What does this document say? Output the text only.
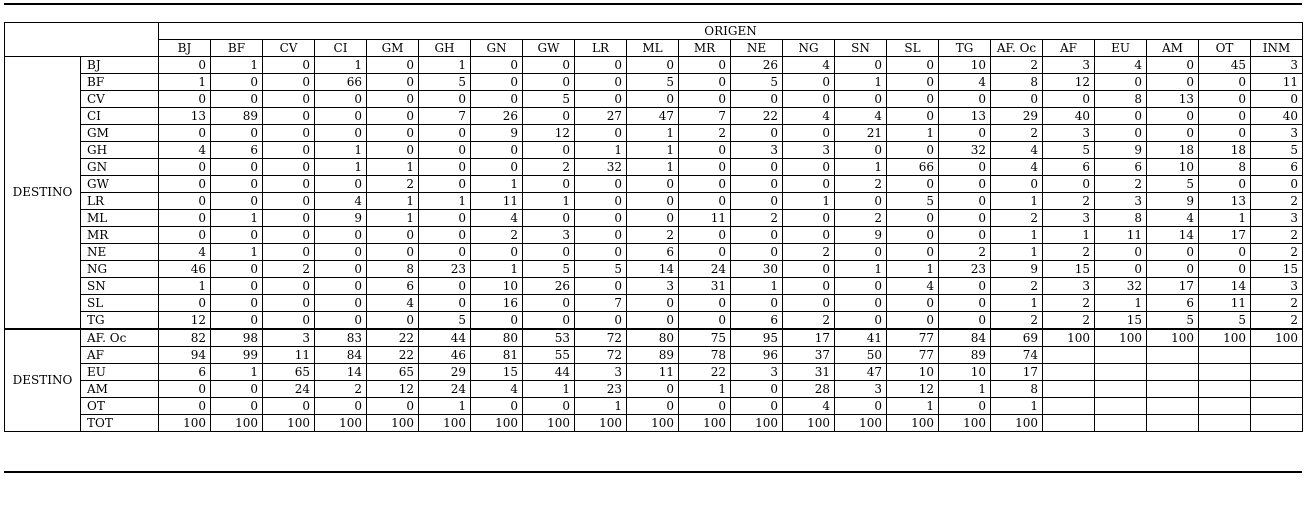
		ORIGEN																					
		BJ	BF	CV	CI	GM	GH	GN	GW	LR	ML	MR	NE	NG	SN	SL	TG	AF. Oc	AF	EU	AM	OT	INM
DESTINO	BJ	0	1	0	1	0	1	0	0	0	0	0	26	4	0	0	10	2	3	4	0	45	3
	BF	1	0	0	66	0	5	0	0	0	5	0	5	0	1	0	4	8	12	0	0	0	11
	CV	0	0	0	0	0	0	0	5	0	0	0	0	0	0	0	0	0	0	8	13	0	0
	CI	13	89	0	0	0	7	26	0	27	47	7	22	4	4	0	13	29	40	0	0	0	40
	GM	0	0	0	0	0	0	9	12	0	1	2	0	0	21	1	0	2	3	0	0	0	3
	GH	4	6	0	1	0	0	0	0	1	1	0	3	3	0	0	32	4	5	9	18	18	5
	GN	0	0	0	1	1	0	0	2	32	1	0	0	0	1	66	0	4	6	6	10	8	6
	GW	0	0	0	0	2	0	1	0	0	0	0	0	0	2	0	0	0	0	2	5	0	0
	LR	0	0	0	4	1	1	11	1	0	0	0	0	1	0	5	0	1	2	3	9	13	2
	ML	0	1	0	9	1	0	4	0	0	0	11	2	0	2	0	0	2	3	8	4	1	3
	MR	0	0	0	0	0	0	2	3	0	2	0	0	0	9	0	0	1	1	11	14	17	2
	NE	4	1	0	0	0	0	0	0	0	6	0	0	2	0	0	2	1	2	0	0	0	2
	NG	46	0	2	0	8	23	1	5	5	14	24	30	0	1	1	23	9	15	0	0	0	15
	SN	1	0	0	0	6	0	10	26	0	3	31	1	0	0	4	0	2	3	32	17	14	3
	SL	0	0	0	0	4	0	16	0	7	0	0	0	0	0	0	0	1	2	1	6	11	2
	TG	12	0	0	0	0	5	0	0	0	0	0	6	2	0	0	0	2	2	15	5	5	2
DESTINO	AF. Oc	82	98	3	83	22	44	80	53	72	80	75	95	17	41	77	84	69	100	100	100	100	100
	AF	94	99	11	84	22	46	81	55	72	89	78	96	37	50	77	89	74					
	EU	6	1	65	14	65	29	15	44	3	11	22	3	31	47	10	10	17					
	AM	0	0	24	2	12	24	4	1	23	0	1	0	28	3	12	1	8					
	OT	0	0	0	0	0	1	0	0	1	0	0	0	4	0	1	0	1					
	TOT	100	100	100	100	100	100	100	100	100	100	100	100	100	100	100	100	100					
